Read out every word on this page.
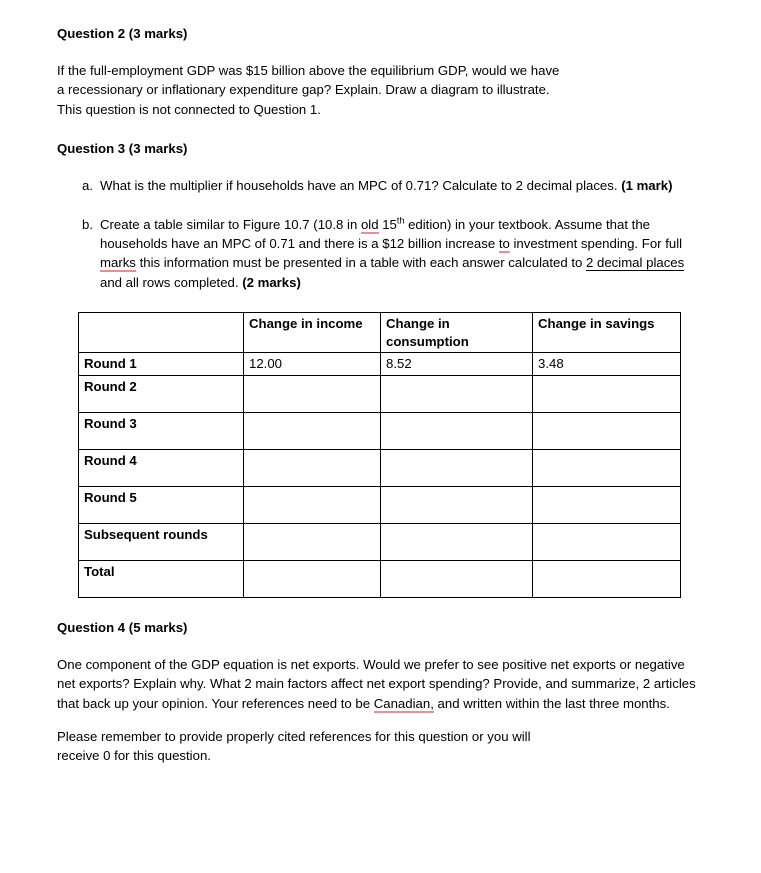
Question 2 (3 marks)

If the full-employment GDP was $15 billion above the equilibrium GDP, would we have
a recessionary or inflationary expenditure gap? Explain. Draw a diagram to illustrate.
This question is not connected to Question 1.

Question 3 (3 marks)

a. What is the multiplier if households have an MPC of 0.71? Calculate to 2 decimal places. (1 mark)
b. Create a table similar to Figure 10.7 (10.8 in old 15th edition) in your textbook. Assume that the households have an MPC of 0.71 and there is a $12 billion increase to investment spending. For full marks this information must be presented in a table with each answer calculated to 2 decimal places and all rows completed. (2 marks)
	Change in income	Change in consumption	Change in savings
Round 1	12.00	8.52	3.48
Round 2			
Round 3			
Round 4			
Round 5			
Subsequent rounds			
Total			

Question 4 (5 marks)

One component of the GDP equation is net exports. Would we prefer to see positive net exports or negative net exports? Explain why. What 2 main factors affect net export spending? Provide, and summarize, 2 articles that back up your opinion. Your references need to be Canadian, and written within the last three months.

Please remember to provide properly cited references for this question or you will
receive 0 for this question.
